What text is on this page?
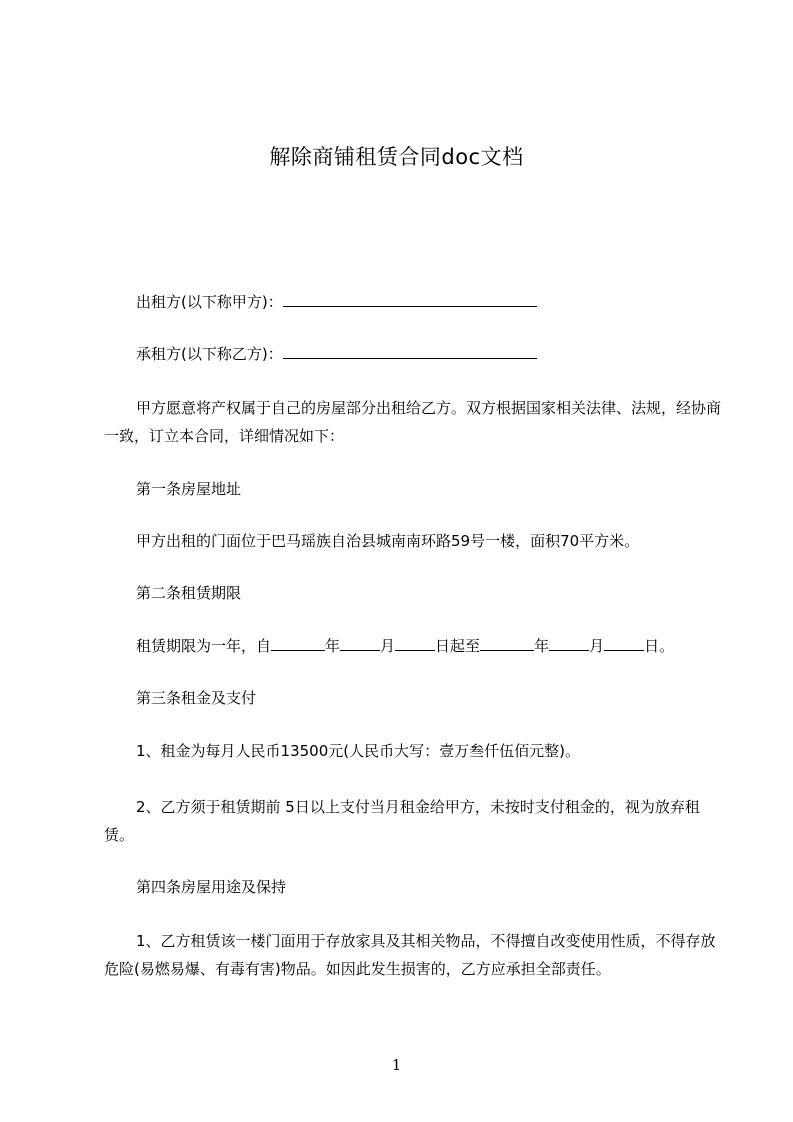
解除商铺租赁合同doc文档
出租方(以下称甲方)：
承租方(以下称乙方)：
甲方愿意将产权属于自己的房屋部分出租给乙方。双方根据国家相关法律、法规，经协商一致，订立本合同，详细情况如下：
第一条房屋地址
甲方出租的门面位于巴马瑶族自治县城南南环路59号一楼，面积70平方米。
第二条租赁期限
租赁期限为一年，自	年	月	日起至	年	月	日。
第三条租金及支付
1、租金为每月人民币13500元(人民币大写：壹万叁仟伍佰元整)。
2、乙方须于租赁期前 5日以上支付当月租金给甲方，未按时支付租金的，视为放弃租赁。
第四条房屋用途及保持
1、乙方租赁该一楼门面用于存放家具及其相关物品，不得擅自改变使用性质，不得存放危险(易燃易爆、有毒有害)物品。如因此发生损害的，乙方应承担全部责任。
1
